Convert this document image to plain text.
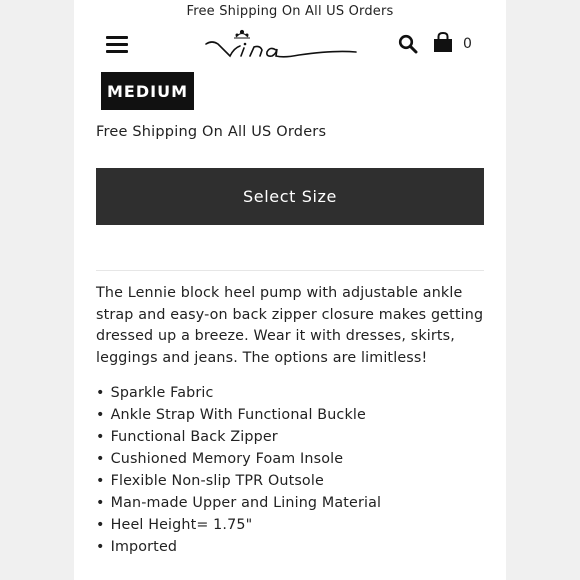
Free Shipping On All US Orders
0
MEDIUM
Free Shipping On All US Orders
Select Size

The Lennie block heel pump with adjustable ankle strap and easy-on back zipper closure makes getting dressed up a breeze. Wear it with dresses, skirts, leggings and jeans. The options are limitless!

• Sparkle Fabric
• Ankle Strap With Functional Buckle
• Functional Back Zipper
• Cushioned Memory Foam Insole
• Flexible Non-slip TPR Outsole
• Man-made Upper and Lining Material
• Heel Height= 1.75"
• Imported
